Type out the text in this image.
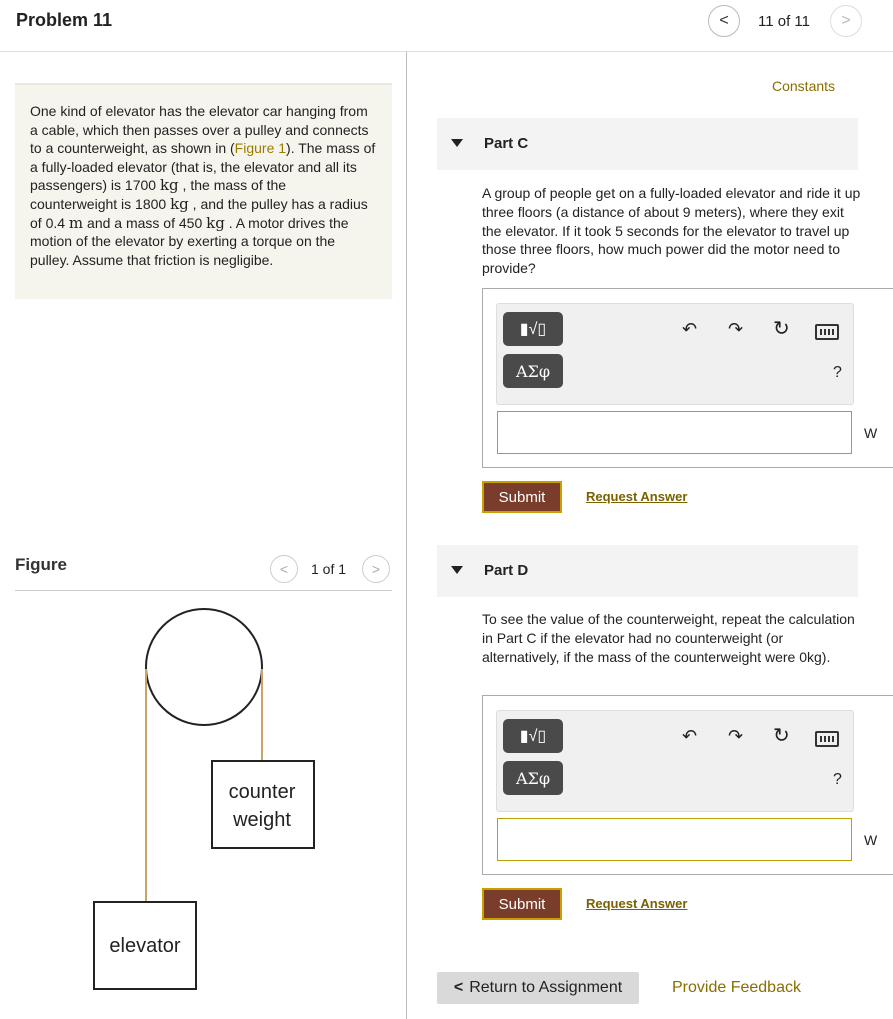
Problem 11	< 11 of 11 >
One kind of elevator has the elevator car hanging from a cable, which then passes over a pulley and connects to a counterweight, as shown in (Figure 1). The mass of a fully-loaded elevator (that is, the elevator and all its passengers) is 1700 kg , the mass of the counterweight is 1800 kg , and the pulley has a radius of 0.4 m and a mass of 450 kg . A motor drives the motion of the elevator by exerting a torque on the pulley. Assume that friction is negligibe.
Figure	< 1 of 1 >
counter
weight
elevator
Constants
Part C
A group of people get on a fully-loaded elevator and ride it up three floors (a distance of about 9 meters), where they exit the elevator. If it took 5 seconds for the elevator to travel up those three floors, how much power did the motor need to provide?
▮√▯
ΑΣφ
↶ ↷ ↻
?
W
Submit	Request Answer
Part D
To see the value of the counterweight, repeat the calculation in Part C if the elevator had no counterweight (or alternatively, if the mass of the counterweight were 0kg).
▮√▯
ΑΣφ
↶ ↷ ↻
?
W
Submit	Request Answer
< Return to Assignment	Provide Feedback
